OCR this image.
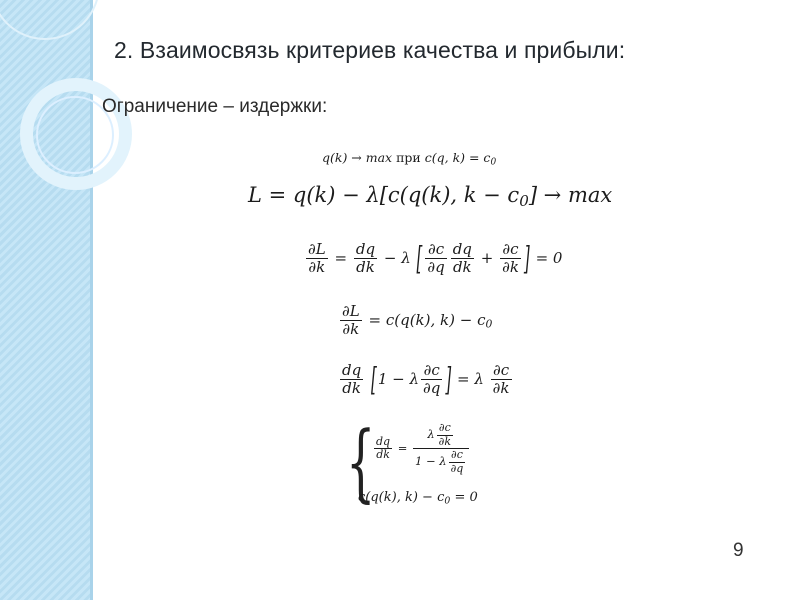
2. Взаимосвязь критериев качества и прибыли:
Ограничение – издержки:
q(k) → max при c(q, $k) = c_0$
L = q(k) − λ[c(q(k), $k - c_0] \to \max$
$\frac{\partial L}{\partial k} = \frac{dq}{dk} - \lambda$ [ $\frac{\partial c}{\partial q} \frac{dq}{dk} + \frac{\partial c}{\partial k}$ ] = 0
$\frac{\partial L}{\partial k} = c(q(k)$, $k) - c_0$
$\frac{dq}{dk} [1 - \lambda \frac{\partial c}{\partial q}$ ] = λ $\frac{\partial c}{\partial k}$
{
$\frac{dq}{dk} = \frac{\lambda \frac{\partial c}{\partial k}}{1 - \lambda \frac{\partial c}{\partial q}}$
c(q(k), $k) - c_0 = 0$
9
